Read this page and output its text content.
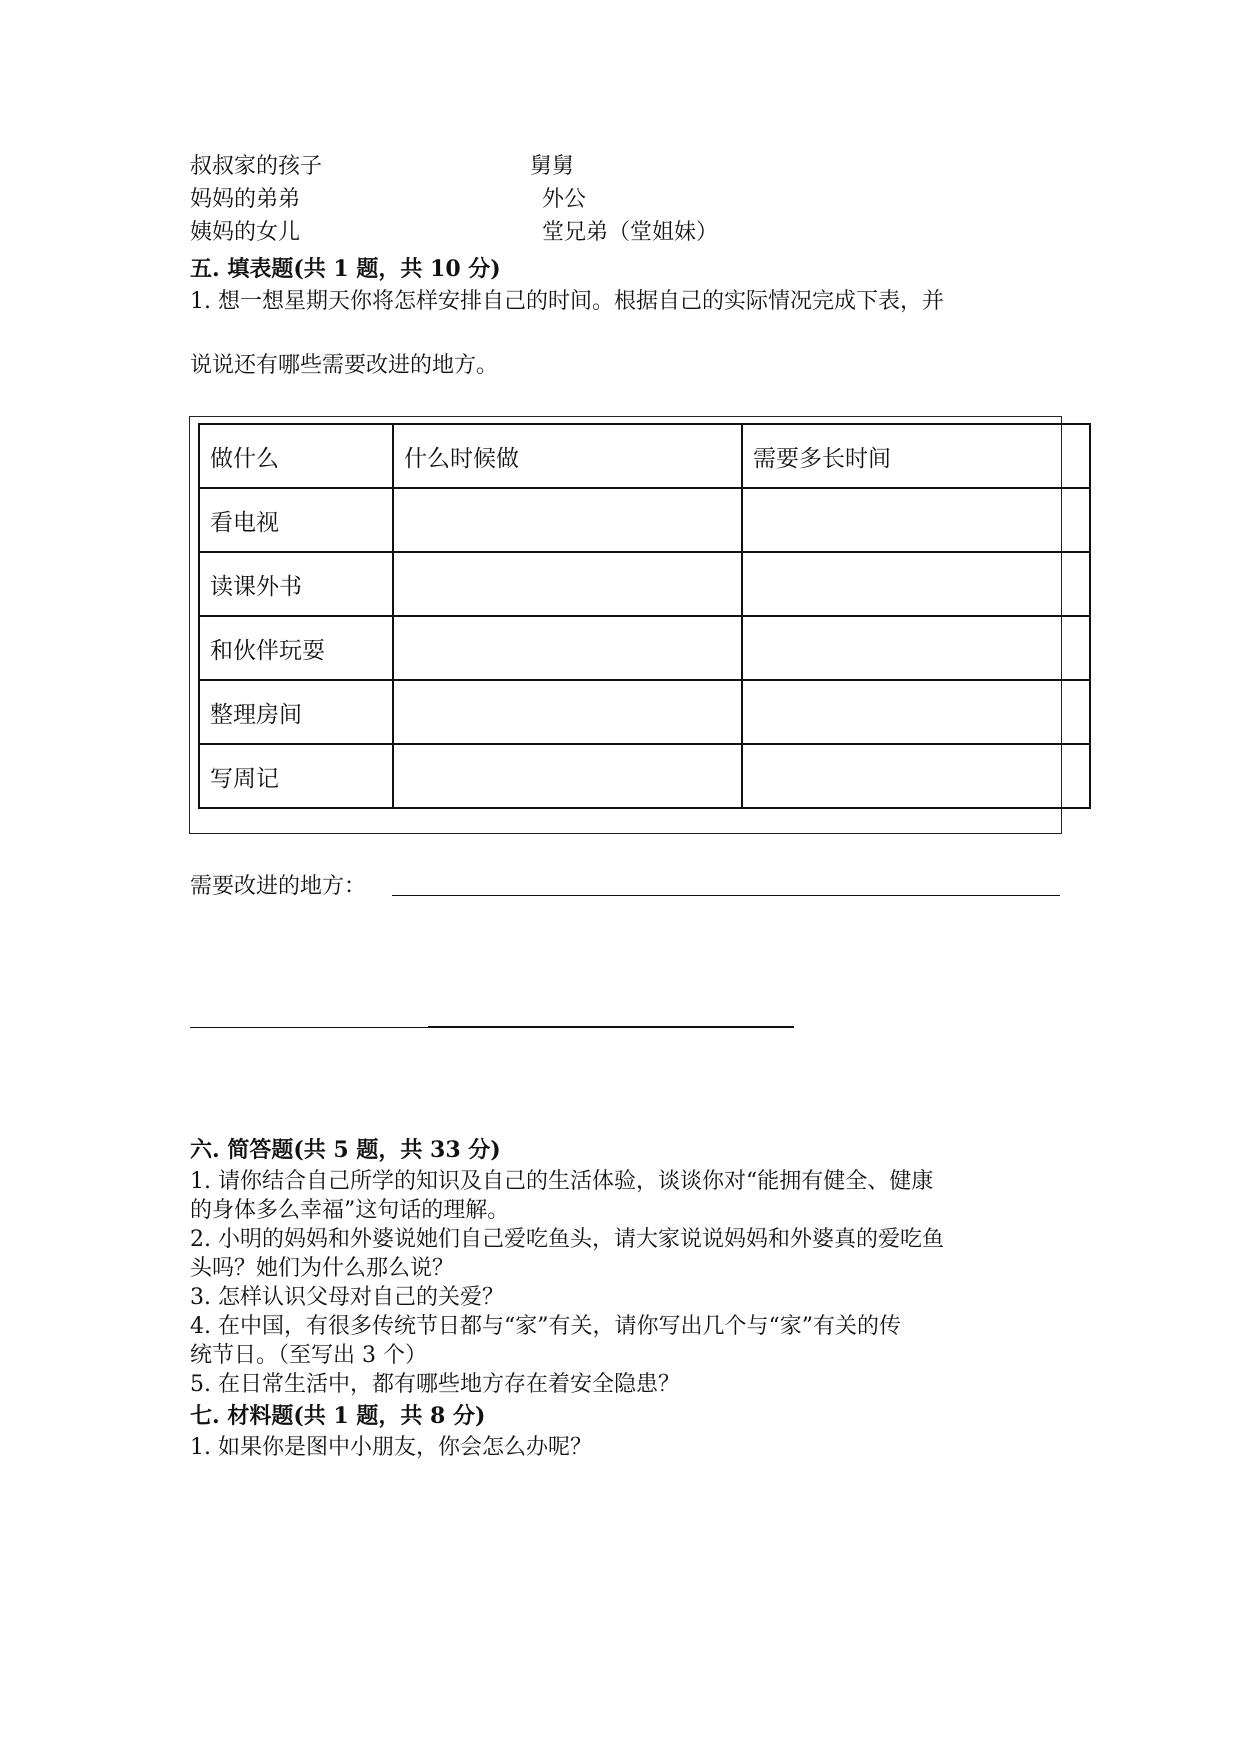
叔叔家的孩子	舅舅
妈妈的弟弟	外公
姨妈的女儿	堂兄弟（堂姐妹）
五. 填表题(共 1 题，共 10 分)
1. 想一想星期天你将怎样安排自己的时间。根据自己的实际情况完成下表，并
说说还有哪些需要改进的地方。
做什么	什么时候做	需要多长时间
看电视		
读课外书		
和伙伴玩耍		
整理房间		
写周记		
需要改进的地方：
六. 简答题(共 5 题，共 33 分)
1. 请你结合自己所学的知识及自己的生活体验，谈谈你对“能拥有健全、健康
的身体多么幸福”这句话的理解。
2. 小明的妈妈和外婆说她们自己爱吃鱼头，请大家说说妈妈和外婆真的爱吃鱼
头吗？她们为什么那么说？
3. 怎样认识父母对自己的关爱？
4. 在中国，有很多传统节日都与“家”有关，请你写出几个与“家”有关的传
统节日。（至写出 3 个）
5. 在日常生活中，都有哪些地方存在着安全隐患？
七. 材料题(共 1 题，共 8 分)
1. 如果你是图中小朋友，你会怎么办呢？
